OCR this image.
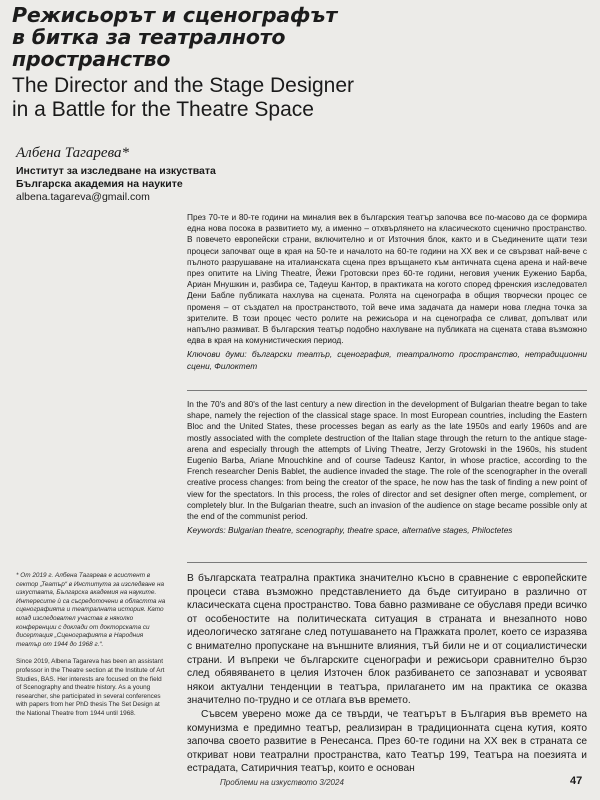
Режисьорът и сценографът
в битка за театралното
пространство
The Director and the Stage Designer
in a Battle for the Theatre Space
Албена Тагарева*
Институт за изследване на изкуствата
Българска академия на науките
albena.tagareva@gmail.com

През 70-те и 80-те години на миналия век в българския театър започва все по-масово да се формира една нова посока в развитието му, а именно – отхвърлянето на класическото сценично пространство. В повечето европейски страни, включително и от Източния блок, както и в Съединените щати тези процеси започват още в края на 50-те и началото на 60-те години на ХХ век и се свързват най-вече с пълното разрушаване на италианската сцена през връщането към античната сцена арена и най-вече през опитите на Living Theatre, Йежи Гротовски през 60-те години, неговия ученик Еуженио Барба, Ариан Мнушкин и, разбира се, Тадеуш Кантор, в практиката на когото според френския изследовател Дени Бабле публиката нахлува на сцената. Ролята на сценографа в общия творчески процес се променя – от създател на пространството, той вече има задачата да намери нова гледна точка за зрителите. В този процес често ролите на режисьора и на сценографа се сливат, допълват или напълно размиват. В българския театър подобно нахлуване на публиката на сцената става възможно едва в края на комунистическия период.

Ключови думи: български театър, сценография, театралното пространство, нетрадиционни сцени, Филоктет

In the 70's and 80's of the last century a new direction in the development of Bulgarian theatre began to take shape, namely the rejection of the classical stage space. In most European countries, including the Eastern Bloc and the United States, these processes began as early as the late 1950s and early 1960s and are mostly associated with the complete destruction of the Italian stage through the return to the antique stage-arena and especially through the attempts of Living Theatre, Jerzy Grotowski in the 1960s, his student Eugenio Barba, Ariane Mnouchkine and of course Tadeusz Kantor, in whose practice, according to the French researcher Denis Bablet, the audience invaded the stage. The role of the scenographer in the overall creative process changes: from being the creator of the space, he now has the task of finding a new point of view for the spectators. In this process, the roles of director and set designer often merge, complement, or completely blur. In the Bulgarian theatre, such an invasion of the audience on stage became possible only at the end of the communist period.

Keywords: Bulgarian theatre, scenography, theatre space, alternative stages, Philoctetes

* От 2019 г. Албена Тагарева е асистент в сектор „Театър“ в Института за изследване на изкуствата, Българска академия на науките. Интересите ѝ са съсредоточени в областта на сценографията и театралната история. Като млад изследовател участва в няколко конференции с доклади от докторската си дисертация „Сценографията в Народния театър от 1944 до 1968 г.“.

Since 2019, Albena Tagareva has been an assistant professor in the Theatre section at the Institute of Art Studies, BAS. Her interests are focused on the field of Scenography and theatre history. As a young researcher, she participated in several conferences with papers from her PhD thesis The Set Design at the National Theatre from 1944 until 1968.

В българската театрална практика значително късно в сравнение с европейските процеси става възможно представлението да бъде ситуирано в различно от класическата сцена пространство. Това бавно размиване се обуславя преди всичко от особеностите на политическата ситуация в страната и внезапното ново идеологическо затягане след потушаването на Пражката пролет, което се изразява с внимателно пропускане на външните влияния, тъй били не и от социалистически страни. И въпреки че българските сценографи и режисьори сравнително бързо след обявяването в целия Източен блок разбиването се запознават и усвояват някои актуални тенденции в театъра, прилагането им на практика се оказва значително по-трудно и се отлага във времето.

Съвсем уверено може да се твърди, че театърът в България във времето на комунизма е предимно театър, реализиран в традиционната сцена кутия, която започва своето развитие в Ренесанса. През 60-те години на ХХ век в страната се откриват нови театрални пространства, като Театър 199, Театъра на поезията и естрадата, Сатиричния театър, които е основан

Проблеми на изкуството 3/2024	47
